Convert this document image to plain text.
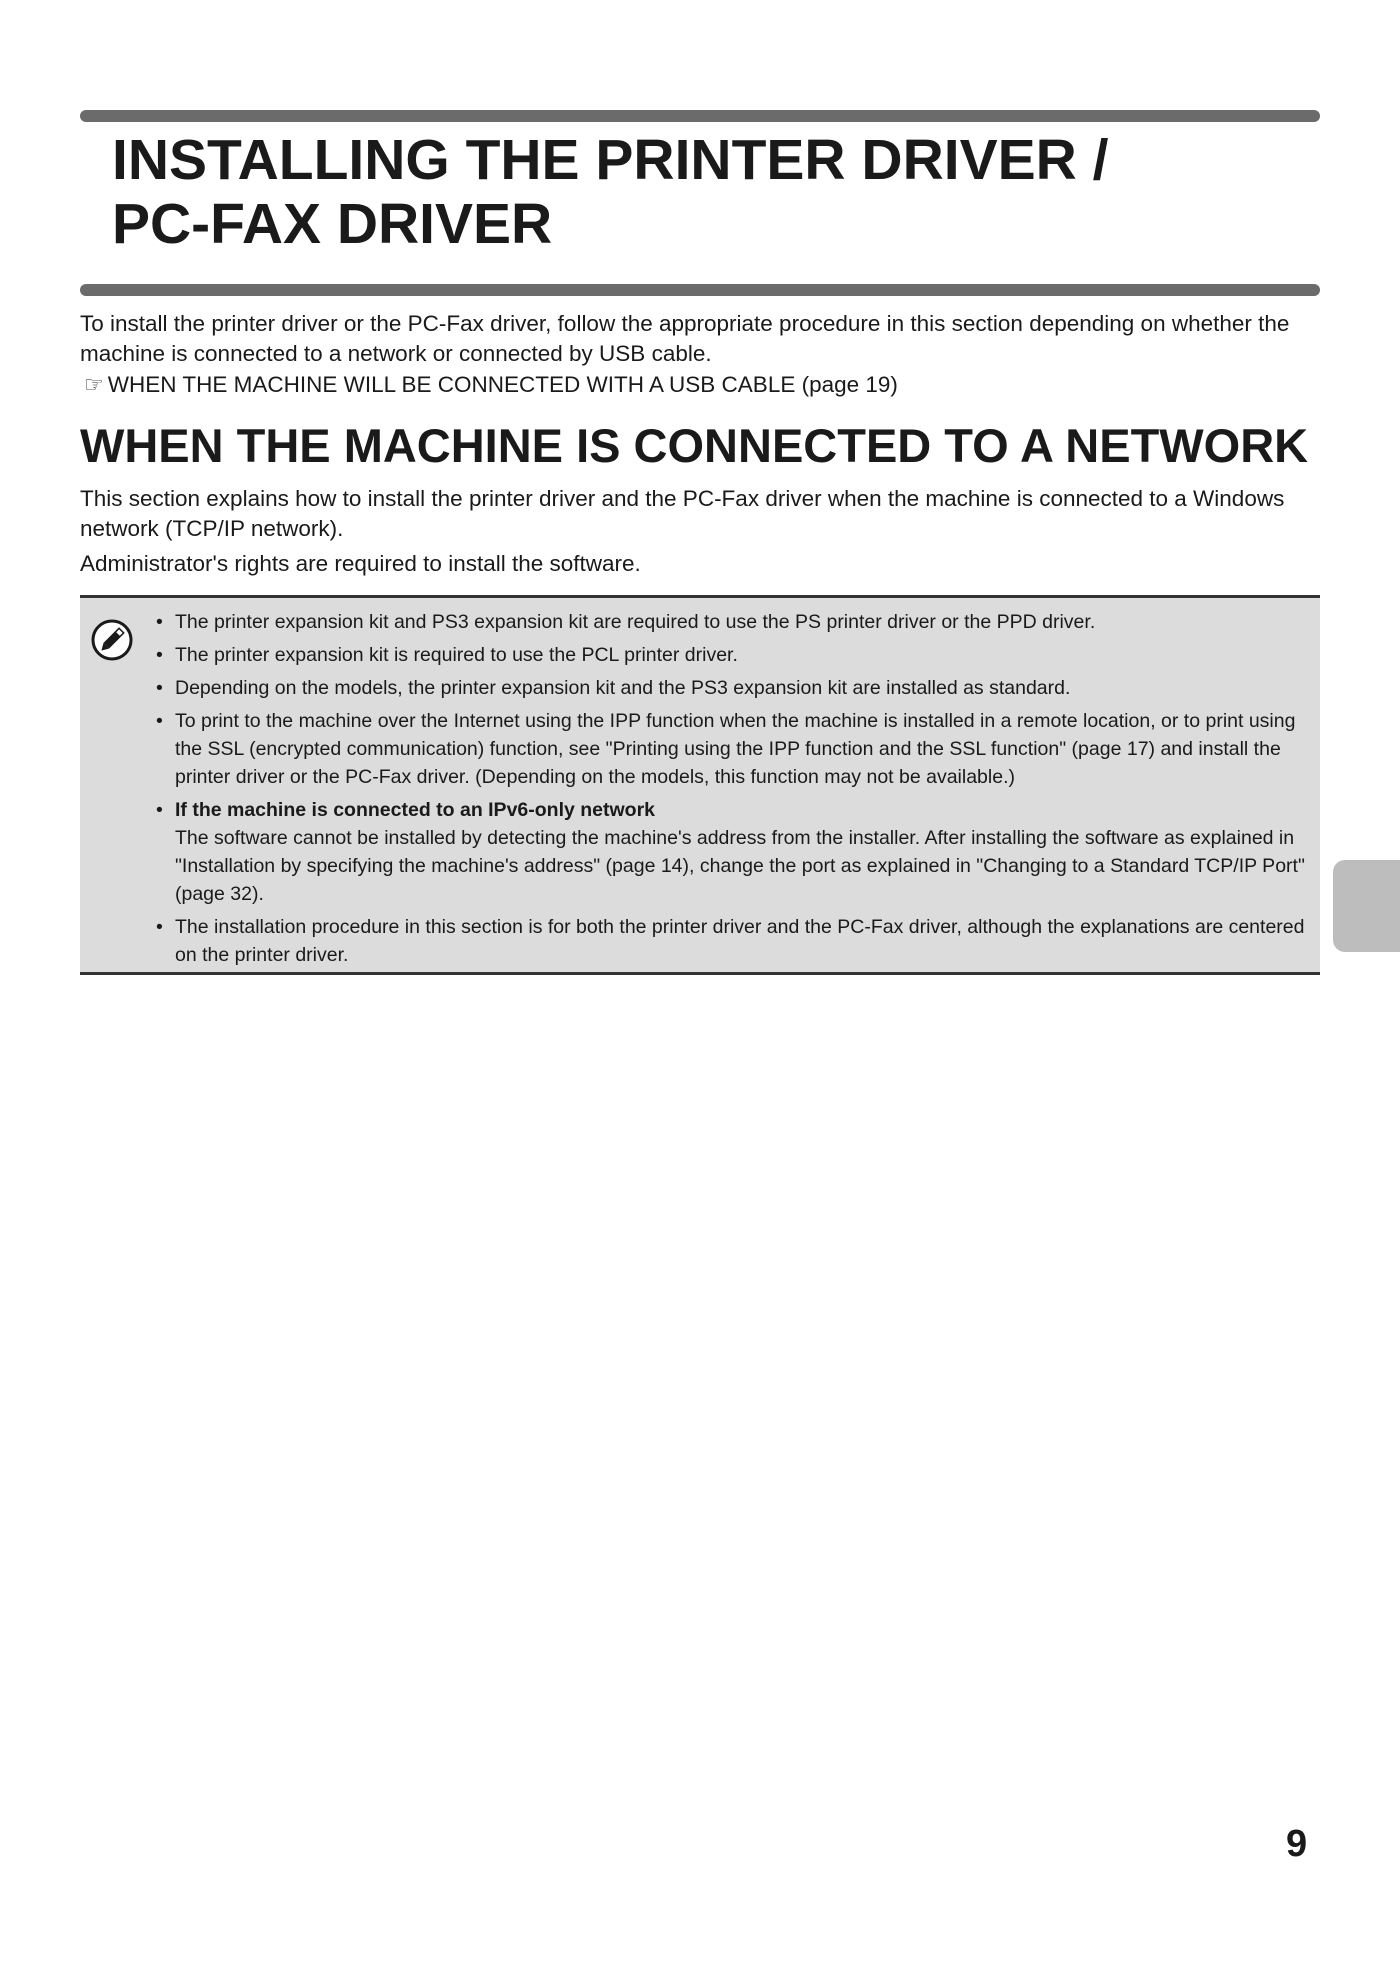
INSTALLING THE PRINTER DRIVER /
PC-FAX DRIVER

To install the printer driver or the PC-Fax driver, follow the appropriate procedure in this section depending on whether the machine is connected to a network or connected by USB cable.

☞ WHEN THE MACHINE WILL BE CONNECTED WITH A USB CABLE (page 19)
WHEN THE MACHINE IS CONNECTED TO A NETWORK

This section explains how to install the printer driver and the PC-Fax driver when the machine is connected to a Windows network (TCP/IP network).

Administrator's rights are required to install the software.
• The printer expansion kit and PS3 expansion kit are required to use the PS printer driver or the PPD driver.
• The printer expansion kit is required to use the PCL printer driver.
• Depending on the models, the printer expansion kit and the PS3 expansion kit are installed as standard.
• To print to the machine over the Internet using the IPP function when the machine is installed in a remote location, or to print using the SSL (encrypted communication) function, see "Printing using the IPP function and the SSL function" (page 17) and install the printer driver or the PC-Fax driver. (Depending on the models, this function may not be available.)
• If the machine is connected to an IPv6-only network
The software cannot be installed by detecting the machine's address from the installer. After installing the software as explained in "Installation by specifying the machine's address" (page 14), change the port as explained in "Changing to a Standard TCP/IP Port" (page 32).
• The installation procedure in this section is for both the printer driver and the PC-Fax driver, although the explanations are centered on the printer driver.
9
